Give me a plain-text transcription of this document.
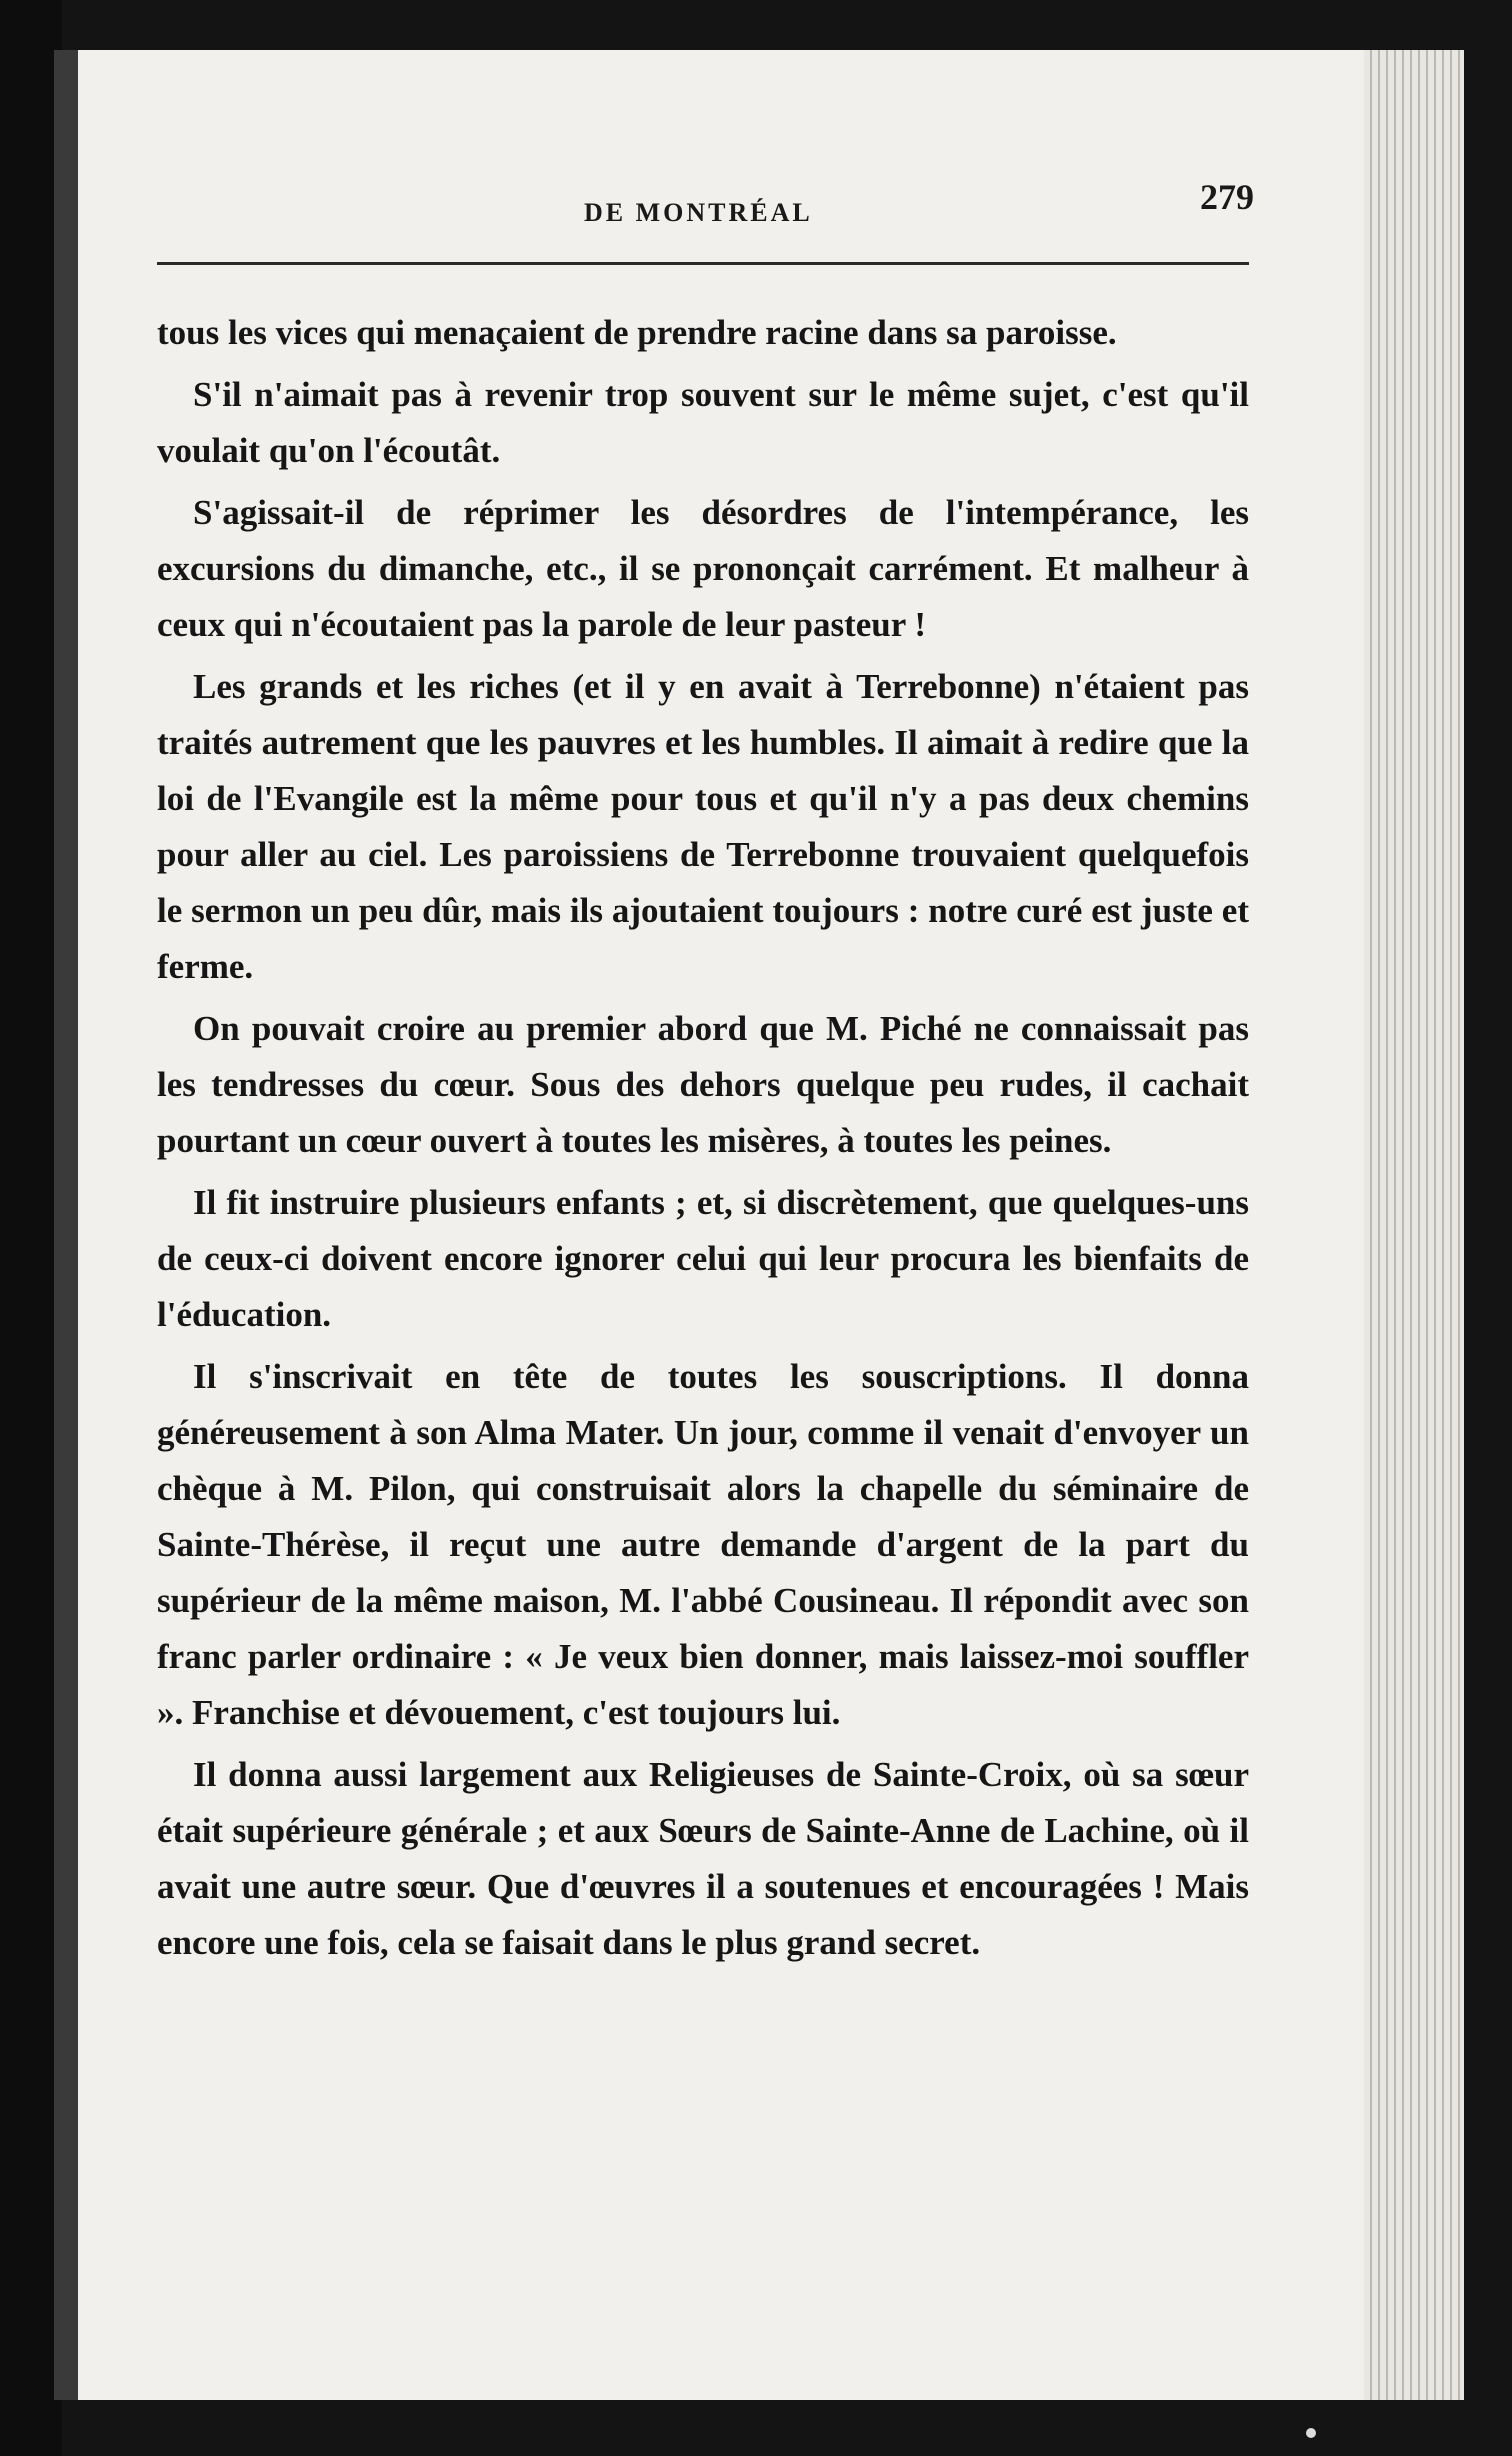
DE MONTRÉAL	279

tous les vices qui menaçaient de prendre racine dans sa paroisse.

S'il n'aimait pas à revenir trop souvent sur le même sujet, c'est qu'il voulait qu'on l'écoutât.

S'agissait-il de réprimer les désordres de l'intempérance, les excursions du dimanche, etc., il se prononçait carrément. Et malheur à ceux qui n'écoutaient pas la parole de leur pasteur !

Les grands et les riches (et il y en avait à Terrebonne) n'étaient pas traités autrement que les pauvres et les humbles. Il aimait à redire que la loi de l'Evangile est la même pour tous et qu'il n'y a pas deux chemins pour aller au ciel. Les paroissiens de Terrebonne trouvaient quelquefois le sermon un peu dûr, mais ils ajoutaient toujours : notre curé est juste et ferme.

On pouvait croire au premier abord que M. Piché ne connaissait pas les tendresses du cœur. Sous des dehors quelque peu rudes, il cachait pourtant un cœur ouvert à toutes les misères, à toutes les peines.

Il fit instruire plusieurs enfants ; et, si discrètement, que quelques-uns de ceux-ci doivent encore ignorer celui qui leur procura les bienfaits de l'éducation.

Il s'inscrivait en tête de toutes les souscriptions. Il donna généreusement à son Alma Mater. Un jour, comme il venait d'envoyer un chèque à M. Pilon, qui construisait alors la chapelle du séminaire de Sainte-Thérèse, il reçut une autre demande d'argent de la part du supérieur de la même maison, M. l'abbé Cousineau. Il répondit avec son franc parler ordinaire : « Je veux bien donner, mais laissez-moi souffler ». Franchise et dévouement, c'est toujours lui.

Il donna aussi largement aux Religieuses de Sainte-Croix, où sa sœur était supérieure générale ; et aux Sœurs de Sainte-Anne de Lachine, où il avait une autre sœur. Que d'œuvres il a soutenues et encouragées ! Mais encore une fois, cela se faisait dans le plus grand secret.
